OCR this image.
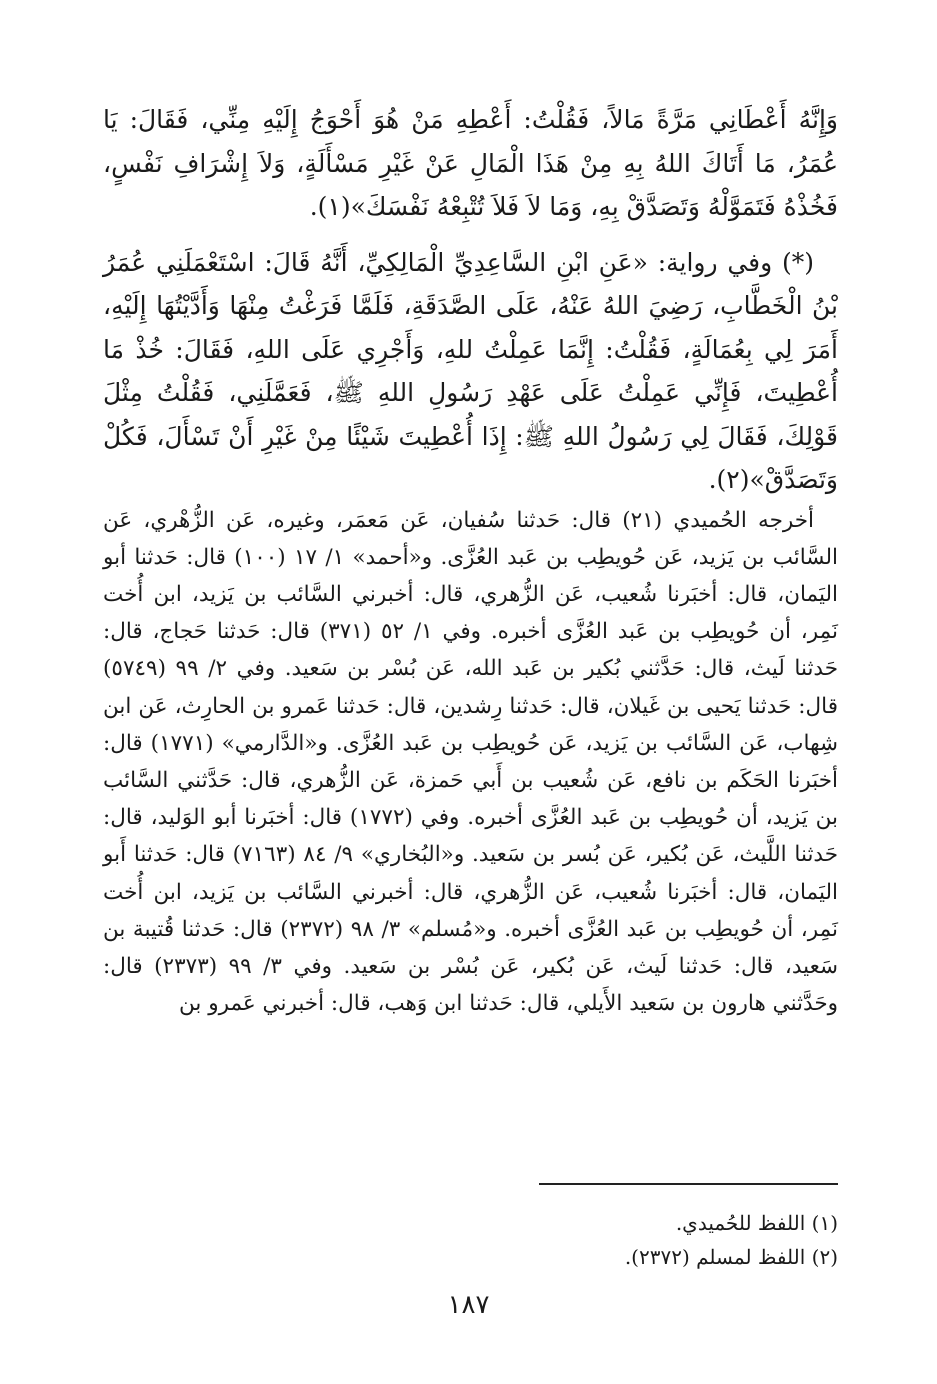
وَإِنَّهُ أَعْطَانِي مَرَّةً مَالاً، فَقُلْتُ: أَعْطِهِ مَنْ هُوَ أَحْوَجُ إِلَيْهِ مِنِّي، فَقَالَ: يَا عُمَرُ، مَا أَتَاكَ اللهُ بِهِ مِنْ هَذَا الْمَالِ عَنْ غَيْرِ مَسْأَلَةٍ، وَلاَ إِشْرَافِ نَفْسٍ، فَخُذْهُ فَتَمَوَّلْهُ وَتَصَدَّقْ بِهِ، وَمَا لاَ فَلاَ تُتْبِعْهُ نَفْسَكَ»(١).

(*) وفي رواية: «عَنِ ابْنِ السَّاعِدِيِّ الْمَالِكِيِّ، أَنَّهُ قَالَ: اسْتَعْمَلَنِي عُمَرُ بْنُ الْخَطَّابِ، رَضِيَ اللهُ عَنْهُ، عَلَى الصَّدَقَةِ، فَلَمَّا فَرَغْتُ مِنْهَا وَأَدَّيْتُهَا إِلَيْهِ، أَمَرَ لِي بِعُمَالَةٍ، فَقُلْتُ: إِنَّمَا عَمِلْتُ للهِ، وَأَجْرِي عَلَى اللهِ، فَقَالَ: خُذْ مَا أُعْطِيتَ، فَإِنِّي عَمِلْتُ عَلَى عَهْدِ رَسُولِ اللهِ ﷺ، فَعَمَّلَنِي، فَقُلْتُ مِثْلَ قَوْلِكَ، فَقَالَ لِي رَسُولُ اللهِ ﷺ: إِذَا أُعْطِيتَ شَيْئًا مِنْ غَيْرِ أَنْ تَسْأَلَ، فَكُلْ وَتَصَدَّقْ»(٢).

أخرجه الحُميدي (٢١) قال: حَدثنا سُفيان، عَن مَعمَر، وغيره، عَن الزُّهْري، عَن السَّائب بن يَزيد، عَن حُويطِب بن عَبد العُزَّى. و«أحمد» ١/ ١٧ (١٠٠) قال: حَدثنا أبو اليَمان، قال: أخبَرنا شُعيب، عَن الزُّهري، قال: أخبرني السَّائب بن يَزيد، ابن أُخت نَمِر، أن حُويطِب بن عَبد العُزَّى أخبره. وفي ١/ ٥٢ (٣٧١) قال: حَدثنا حَجاج، قال: حَدثنا لَيث، قال: حَدَّثني بُكير بن عَبد الله، عَن بُسْر بن سَعيد. وفي ٢/ ٩٩ (٥٧٤٩) قال: حَدثنا يَحيى بن غَيلان، قال: حَدثنا رِشدين، قال: حَدثنا عَمرو بن الحارِث، عَن ابن شِهاب، عَن السَّائب بن يَزيد، عَن حُويطِب بن عَبد العُزَّى. و«الدَّارمي» (١٧٧١) قال: أخبَرنا الحَكَم بن نافع، عَن شُعيب بن أَبي حَمزة، عَن الزُّهري، قال: حَدَّثني السَّائب بن يَزيد، أن حُويطِب بن عَبد العُزَّى أخبره. وفي (١٧٧٢) قال: أخبَرنا أبو الوَليد، قال: حَدثنا اللَّيث، عَن بُكير، عَن بُسر بن سَعيد. و«البُخاري» ٩/ ٨٤ (٧١٦٣) قال: حَدثنا أَبو اليَمان، قال: أخبَرنا شُعيب، عَن الزُّهري، قال: أخبرني السَّائب بن يَزيد، ابن أُخت نَمِر، أن حُويطِب بن عَبد العُزَّى أخبره. و«مُسلم» ٣/ ٩٨ (٢٣٧٢) قال: حَدثنا قُتيبة بن سَعيد، قال: حَدثنا لَيث، عَن بُكير، عَن بُسْر بن سَعيد. وفي ٣/ ٩٩ (٢٣٧٣) قال: وحَدَّثني هارون بن سَعيد الأَيلي، قال: حَدثنا ابن وَهب، قال: أخبرني عَمرو بن

(١) اللفظ للحُميدي.

(٢) اللفظ لمسلم (٢٣٧٢).

١٨٧
